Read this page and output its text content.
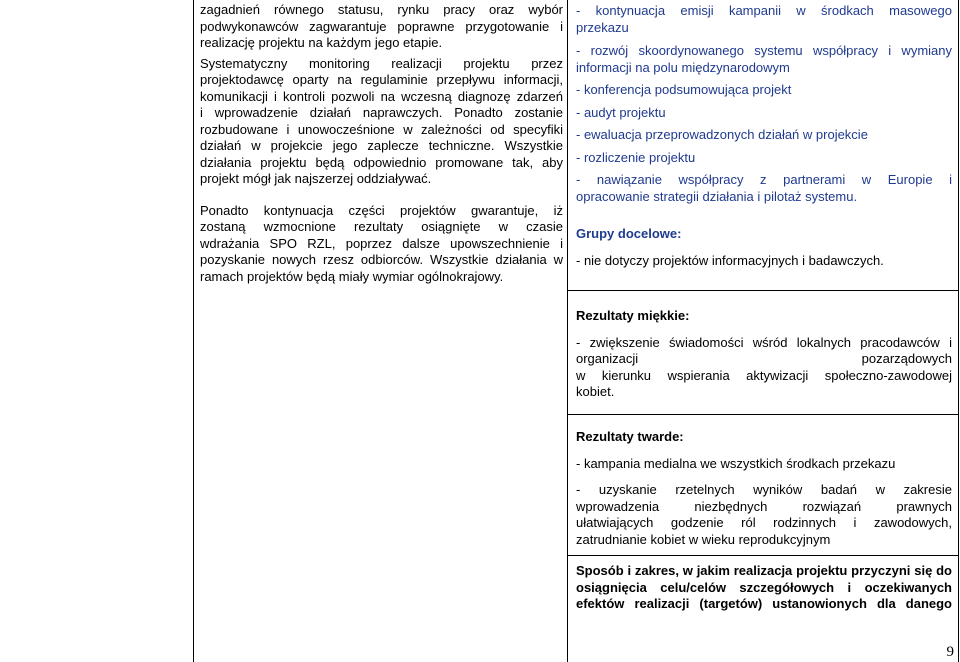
zagadnień równego statusu, rynku pracy oraz wybór

podwykonawców zagwarantuje poprawne przygotowanie i

realizację projektu na każdym jego etapie.

Systematyczny monitoring realizacji projektu przez

projektodawcę oparty na regulaminie przepływu informacji,

komunikacji i kontroli pozwoli na wczesną diagnozę zdarzeń

i wprowadzenie działań naprawczych. Ponadto zostanie

rozbudowane i unowocześnione w zależności od specyfiki

działań w projekcie jego zaplecze techniczne. Wszystkie

działania projektu będą odpowiednio promowane tak, aby

projekt mógł jak najszerzej oddziaływać.

Ponadto kontynuacja części projektów gwarantuje, iż

zostaną wzmocnione rezultaty osiągnięte w czasie

wdrażania SPO RZL, poprzez dalsze upowszechnienie i

pozyskanie nowych rzesz odbiorców. Wszystkie działania w

ramach projektów będą miały wymiar ogólnokrajowy.

- kontynuacja emisji kampanii w środkach masowego

przekazu

- rozwój skoordynowanego systemu współpracy i wymiany

informacji na polu międzynarodowym

- konferencja podsumowująca projekt

- audyt projektu

- ewaluacja przeprowadzonych działań w projekcie

- rozliczenie projektu

- nawiązanie współpracy z partnerami w Europie i

opracowanie strategii działania i pilotaż systemu.

Grupy docelowe:

- nie dotyczy projektów informacyjnych i badawczych.

Rezultaty miękkie:

- zwiększenie świadomości wśród lokalnych pracodawców i

organizacji pozarządowych

w kierunku wspierania aktywizacji społeczno-zawodowej

kobiet.

Rezultaty twarde:

- kampania medialna we wszystkich środkach przekazu

- uzyskanie rzetelnych wyników badań w zakresie

wprowadzenia niezbędnych rozwiązań prawnych

ułatwiających godzenie ról rodzinnych i zawodowych,

zatrudnianie kobiet w wieku reprodukcyjnym

Sposób i zakres, w jakim realizacja projektu przyczyni się do

osiągnięcia celu/celów szczegółowych i oczekiwanych

efektów realizacji (targetów) ustanowionych dla danego

9
